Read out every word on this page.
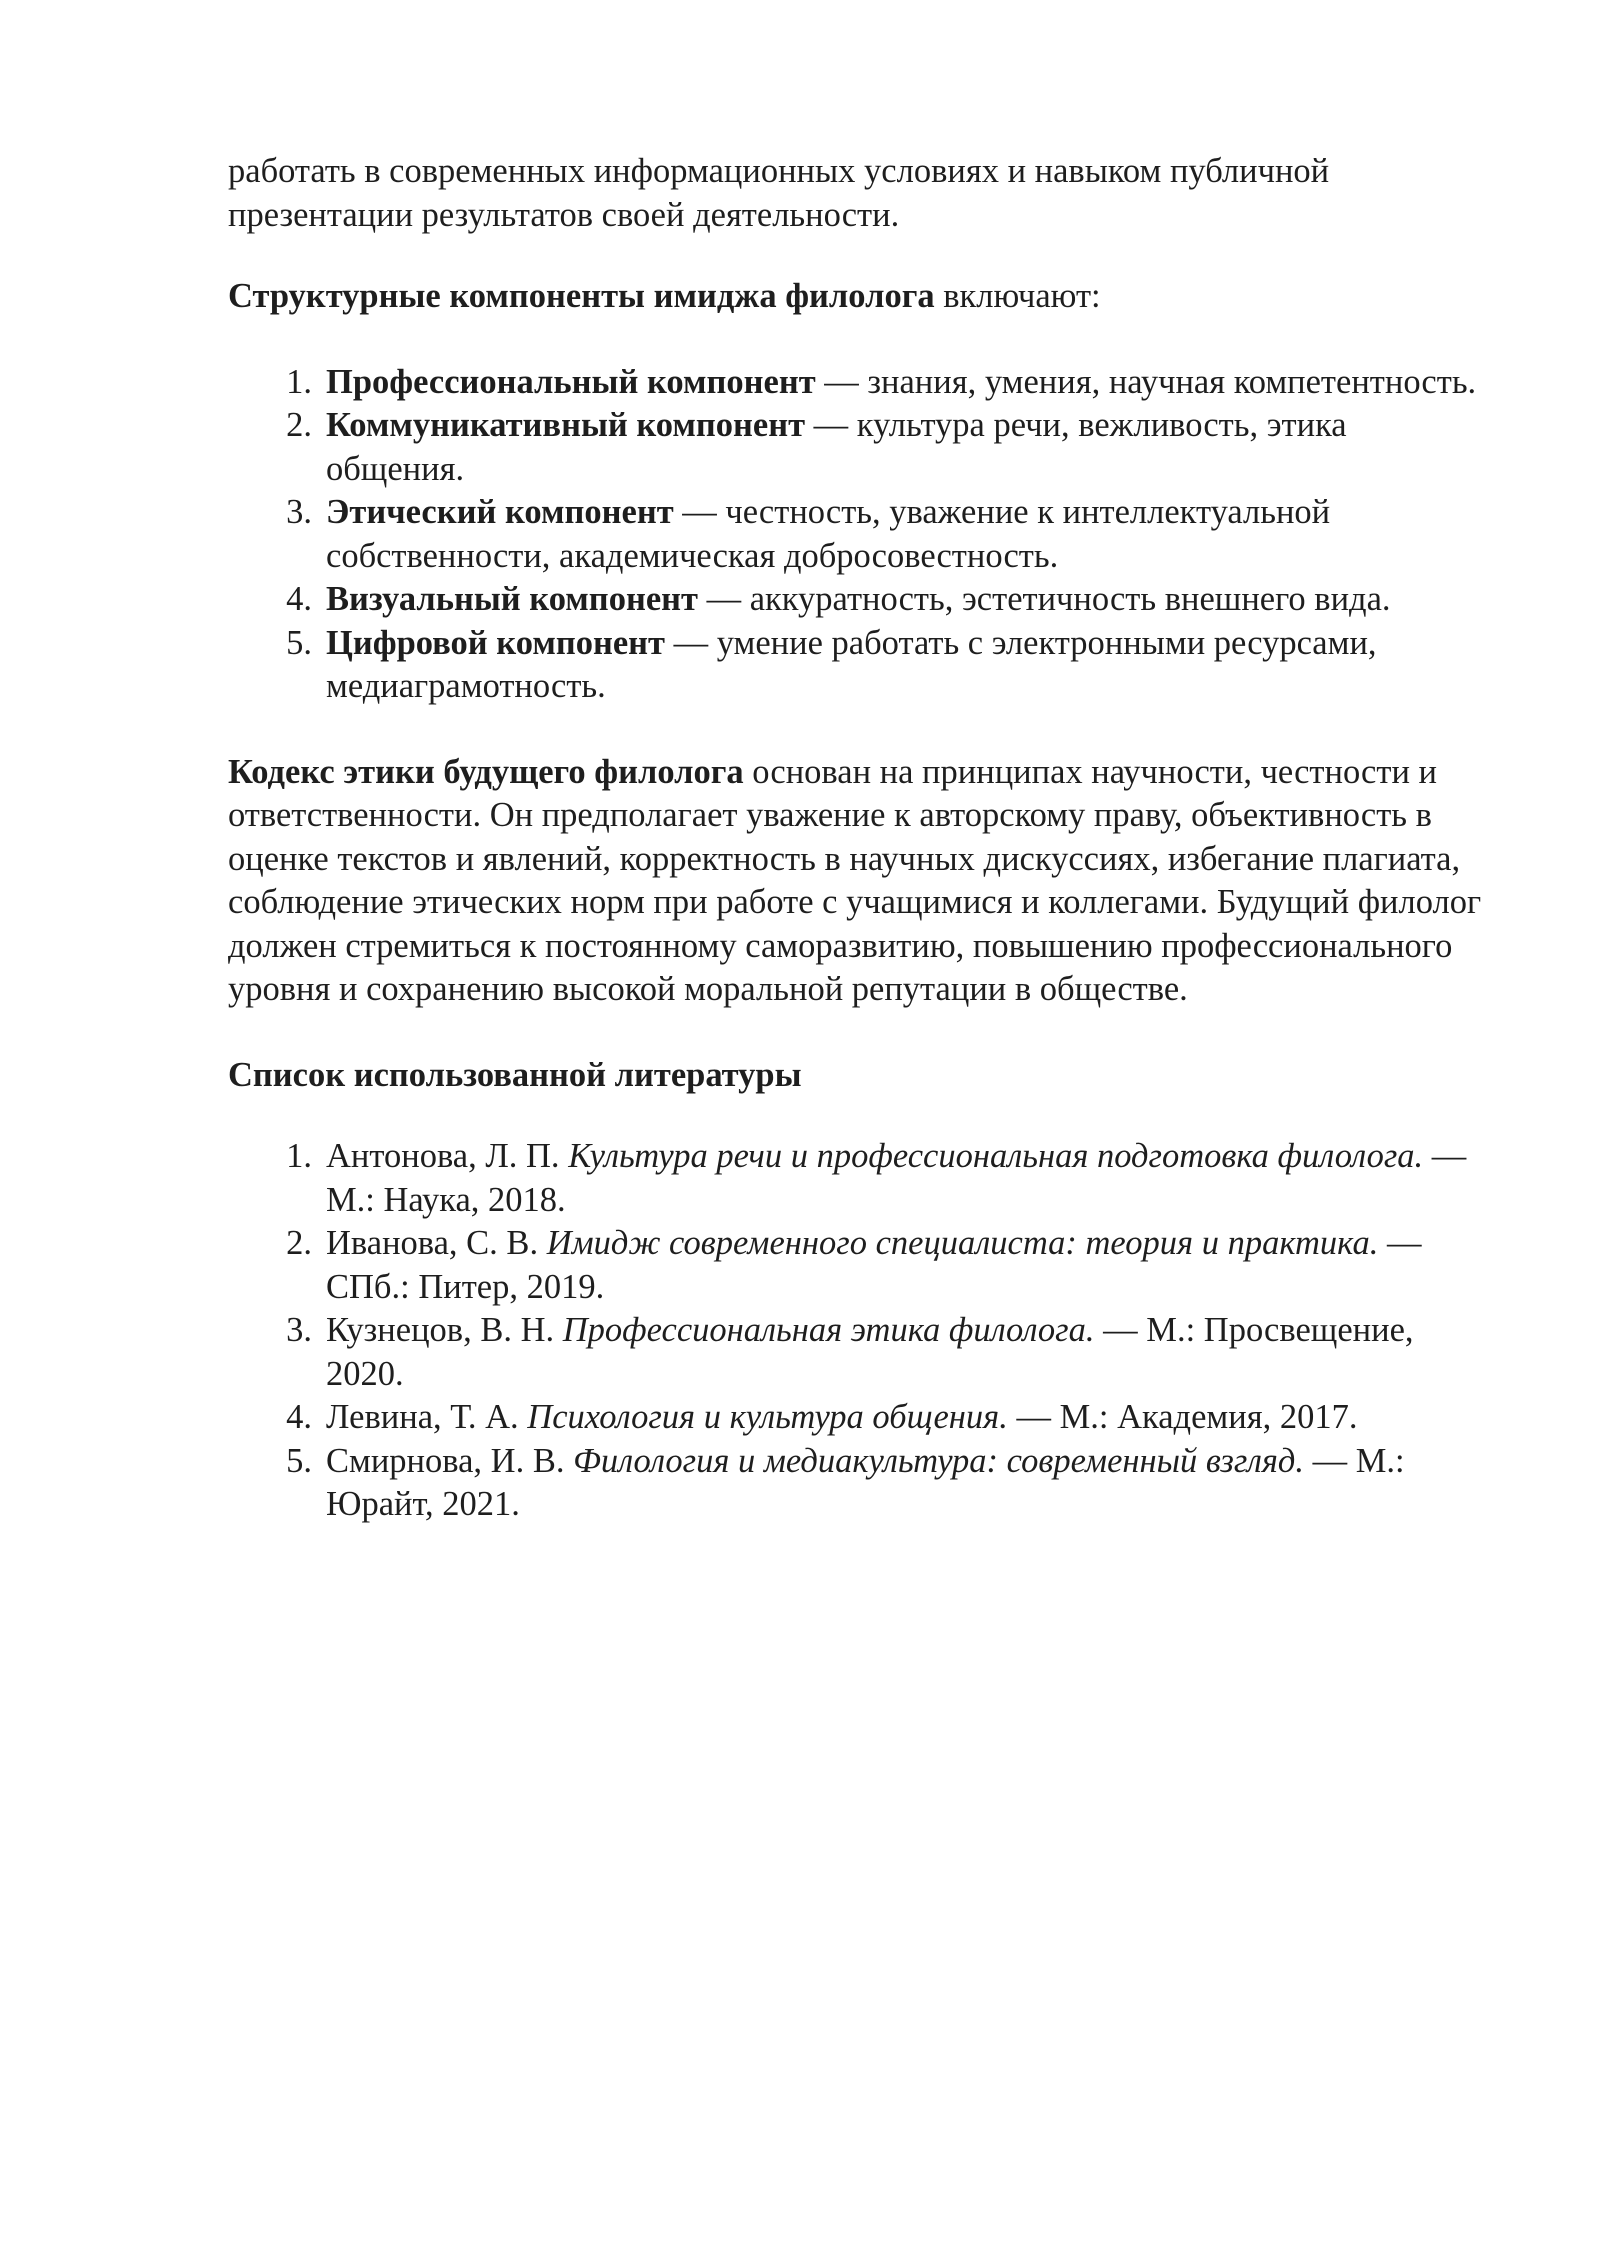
работать в современных информационных условиях и навыком публичной презентации результатов своей деятельности.

Структурные компоненты имиджа филолога включают:

1. Профессиональный компонент — знания, умения, научная компетентность.
2. Коммуникативный компонент — культура речи, вежливость, этика общения.
3. Этический компонент — честность, уважение к интеллектуальной собственности, академическая добросовестность.
4. Визуальный компонент — аккуратность, эстетичность внешнего вида.
5. Цифровой компонент — умение работать с электронными ресурсами, медиаграмотность.

Кодекс этики будущего филолога основан на принципах научности, честности и ответственности. Он предполагает уважение к авторскому праву, объективность в оценке текстов и явлений, корректность в научных дискуссиях, избегание плагиата, соблюдение этических норм при работе с учащимися и коллегами. Будущий филолог должен стремиться к постоянному саморазвитию, повышению профессионального уровня и сохранению высокой моральной репутации в обществе.

Список использованной литературы

1. Антонова, Л. П. Культура речи и профессиональная подготовка филолога. — М.: Наука, 2018.
2. Иванова, С. В. Имидж современного специалиста: теория и практика. — СПб.: Питер, 2019.
3. Кузнецов, В. Н. Профессиональная этика филолога. — М.: Просвещение, 2020.
4. Левина, Т. А. Психология и культура общения. — М.: Академия, 2017.
5. Смирнова, И. В. Филология и медиакультура: современный взгляд. — М.: Юрайт, 2021.
